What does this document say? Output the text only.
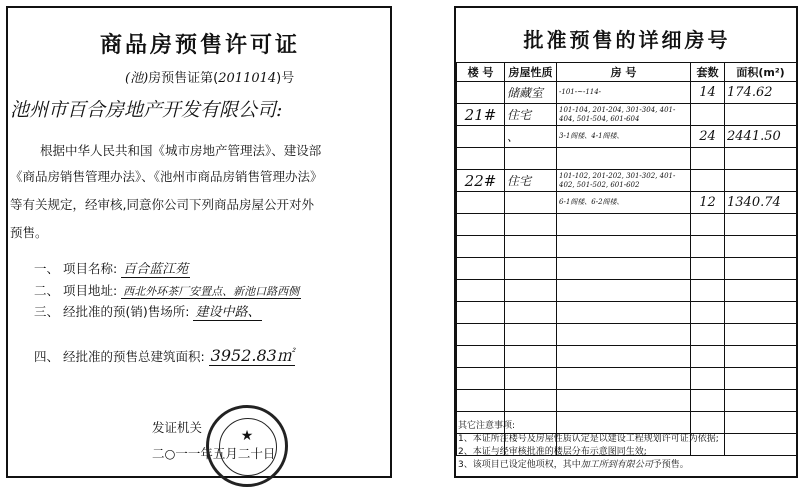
商品房预售许可证
(池)房预售证第(2011014)号
池州市百合房地产开发有限公司:
根据中华人民共和国《城市房地产管理法》、建设部
《商品房销售管理办法》、《池州市商品房销售管理办法》
等有关规定，经审核,同意你公司下列商品房屋公开对外
预售。
一、 项目名称: 百合蓝江苑
二、 项目地址: 西北外环茶厂安置点、新池口路西侧
三、 经批准的预(销)售场所: 建设中路、
四、 经批准的预售总建筑面积: 3952.83㎡
发证机关
二○一一年五月二十日
★
批准预售的详细房号
楼 号	房屋性质	房 号	套数	面积(m²)
	储藏室	-101-~-114-	14	174.62
21#	住宅	101-104, 201-204, 301-304, 401-404, 501-504, 601-604		
	、	3-1阁楼、4-1阁楼、	24	2441.50

22#	住宅	101-102, 201-202, 301-302, 401-402, 501-502, 601-602		
		6-1阁楼、6-2阁楼、	12	1340.74

其它注意事项:
1、本证所注楼号及房屋性质认定是以建设工程规划许可证为依据;
2、本证与经审核批准的楼层分布示意图同生效;
3、该项目已设定他项权，其中加工所到有限公司予预售。
